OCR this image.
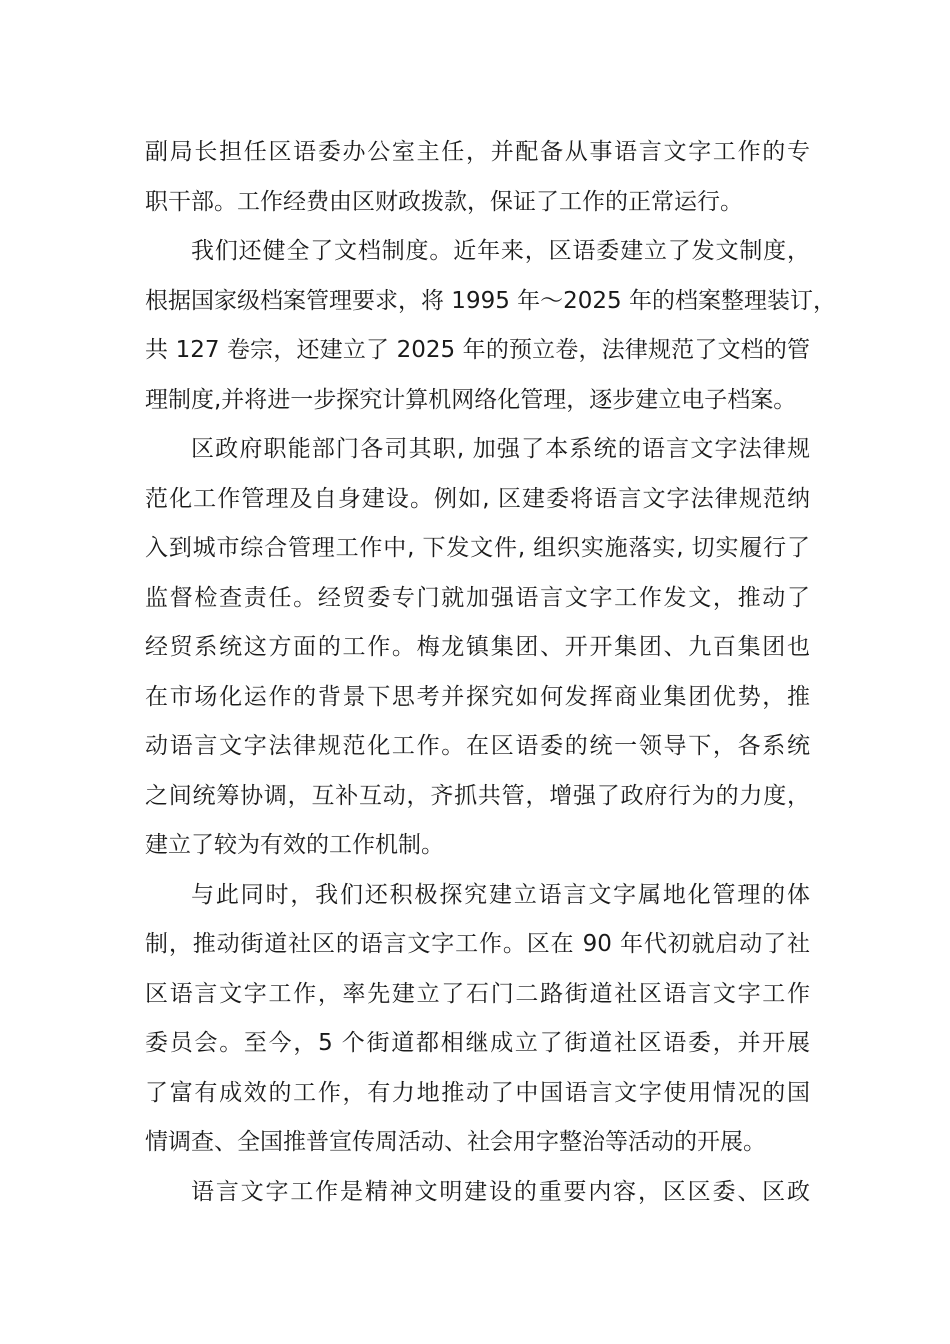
副局长担任区语委办公室主任，并配备从事语言文字工作的专
职干部。工作经费由区财政拨款，保证了工作的正常运行。
我们还健全了文档制度。近年来，区语委建立了发文制度，
根据国家级档案管理要求，将 1995 年～2025 年的档案整理装订，
共 127 卷宗，还建立了 2025 年的预立卷，法律规范了文档的管
理制度,并将进一步探究计算机网络化管理，逐步建立电子档案。
区政府职能部门各司其职, 加强了本系统的语言文字法律规
范化工作管理及自身建设。例如, 区建委将语言文字法律规范纳
入到城市综合管理工作中, 下发文件, 组织实施落实, 切实履行了
监督检查责任。经贸委专门就加强语言文字工作发文，推动了
经贸系统这方面的工作。梅龙镇集团、开开集团、九百集团也
在市场化运作的背景下思考并探究如何发挥商业集团优势，推
动语言文字法律规范化工作。在区语委的统一领导下，各系统
之间统筹协调，互补互动，齐抓共管，增强了政府行为的力度，
建立了较为有效的工作机制。
与此同时，我们还积极探究建立语言文字属地化管理的体
制，推动街道社区的语言文字工作。区在 90 年代初就启动了社
区语言文字工作，率先建立了石门二路街道社区语言文字工作
委员会。至今，5 个街道都相继成立了街道社区语委，并开展
了富有成效的工作，有力地推动了中国语言文字使用情况的国
情调查、全国推普宣传周活动、社会用字整治等活动的开展。
语言文字工作是精神文明建设的重要内容，区区委、区政
